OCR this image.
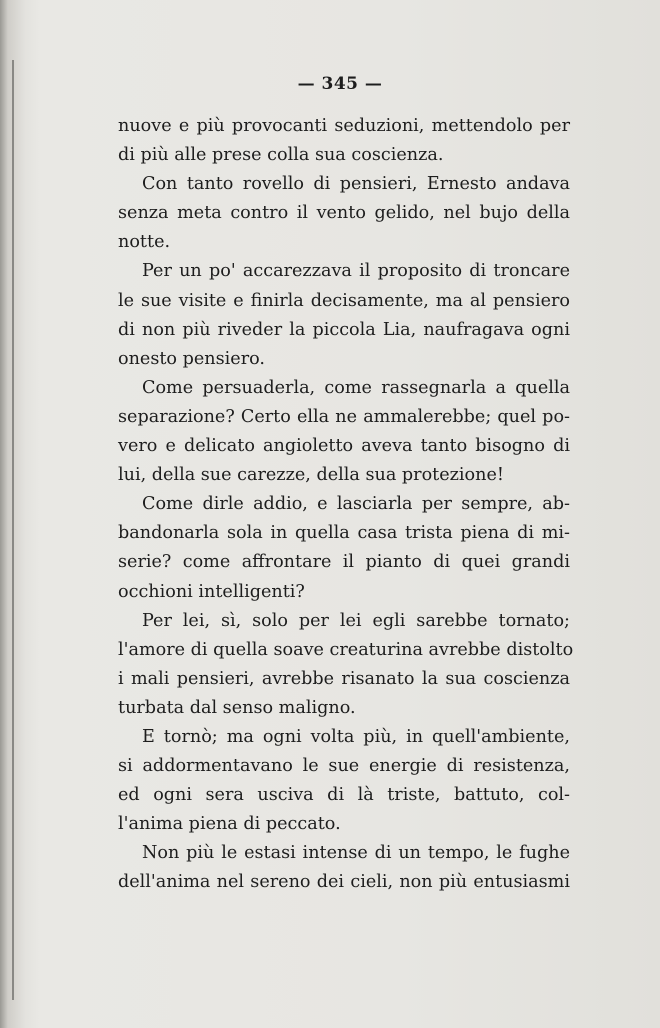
— 345 —
nuove e più provocanti seduzioni, mettendolo per
di più alle prese colla sua coscienza.
Con tanto rovello di pensieri, Ernesto andava
senza meta contro il vento gelido, nel bujo della
notte.
Per un po' accarezzava il proposito di troncare
le sue visite e finirla decisamente, ma al pensiero
di non più riveder la piccola Lia, naufragava ogni
onesto pensiero.
Come persuaderla, come rassegnarla a quella
separazione? Certo ella ne ammalerebbe; quel po-
vero e delicato angioletto aveva tanto bisogno di
lui, della sue carezze, della sua protezione!
Come dirle addio, e lasciarla per sempre, ab-
bandonarla sola in quella casa trista piena di mi-
serie? come affrontare il pianto di quei grandi
occhioni intelligenti?
Per lei, sì, solo per lei egli sarebbe tornato;
l'amore di quella soave creaturina avrebbe distolto
i mali pensieri, avrebbe risanato la sua coscienza
turbata dal senso maligno.
E tornò; ma ogni volta più, in quell'ambiente,
si addormentavano le sue energie di resistenza,
ed ogni sera usciva di là triste, battuto, col-
l'anima piena di peccato.
Non più le estasi intense di un tempo, le fughe
dell'anima nel sereno dei cieli, non più entusiasmi
